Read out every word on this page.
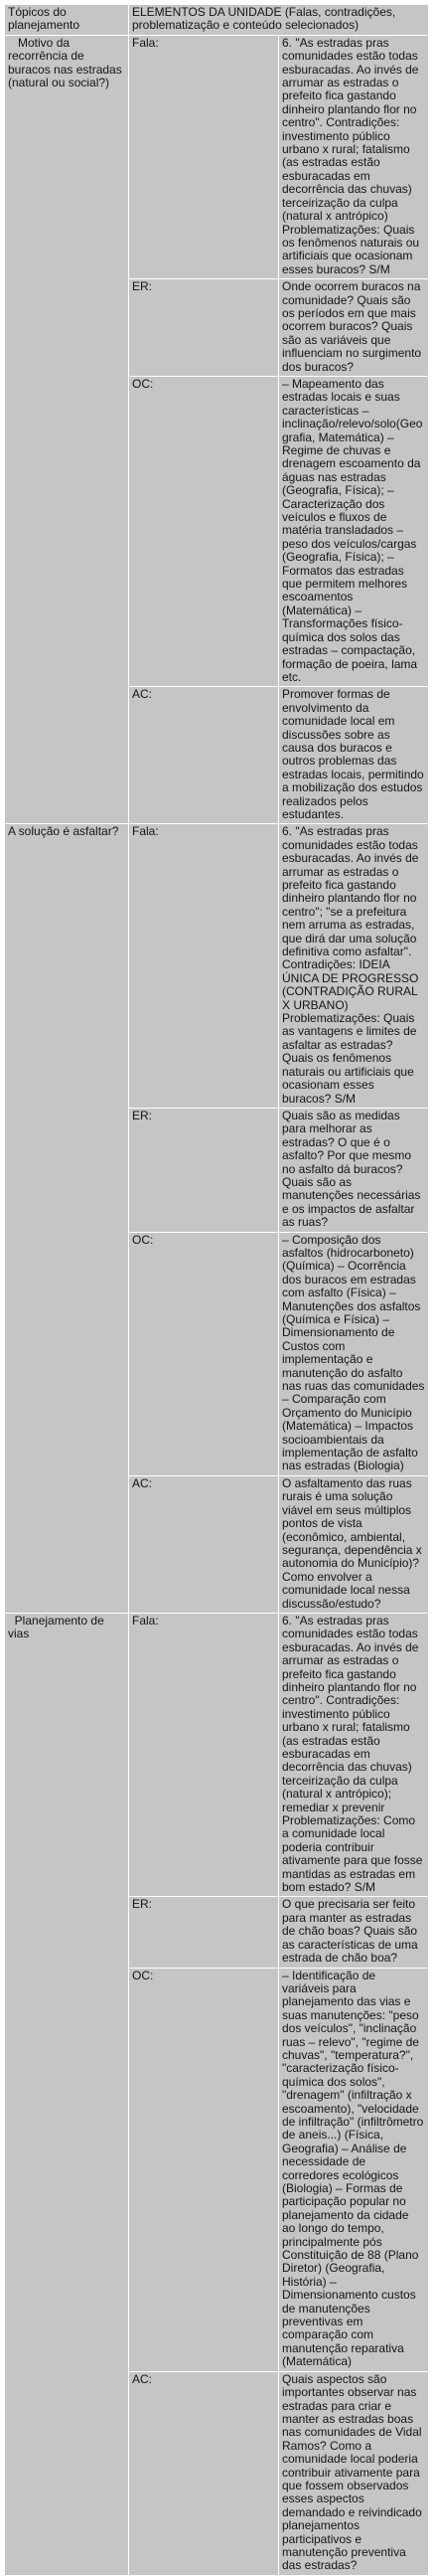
Tópicos do planejamento	ELEMENTOS DA UNIDADE (Falas, contradições, problematização e conteúdo selecionados)	

Motivo da recorrência de buracos nas estradas  (natural ou social?)	Fala:	6. "As estradas pras comunidades estão todas esburacadas. Ao invés de arrumar as estradas o prefeito fica gastando dinheiro plantando flor no centro". Contradições: investimento público urbano x rural; fatalismo (as estradas estão esburacadas em decorrência das chuvas) terceirização da culpa (natural x antrópico) Problematizações: Quais os fenômenos naturais ou artificiais que ocasionam esses buracos? S/M
	ER:	Onde ocorrem buracos na comunidade? Quais são os períodos em que mais ocorrem buracos? Quais são as variáveis que influenciam no surgimento dos buracos?
	OC:	– Mapeamento das estradas locais e suas características – inclinação/relevo/solo(Geografia, Matemática) – Regime de chuvas e drenagem escoamento da águas nas estradas (Geografia, Física); – Caracterização dos veículos e fluxos de matéria transladados – peso dos veículos/cargas (Geografia, Física); – Formatos das estradas que permitem melhores escoamentos (Matemática) – Transformações físico-química dos solos das estradas – compactação, formação de poeira, lama etc.
	AC:	Promover formas de envolvimento da comunidade local em discussões sobre as causa dos buracos e outros problemas das estradas locais, permitindo a mobilização dos estudos realizados pelos estudantes.

A solução é asfaltar?	Fala:	6. "As estradas pras comunidades estão todas esburacadas. Ao invés de arrumar as estradas o prefeito fica gastando dinheiro plantando flor no centro"; "se a prefeitura nem arruma as estradas, que dirá dar uma solução definitiva como asfaltar". Contradições: IDEIA ÚNICA DE PROGRESSO (CONTRADIÇÃO RURAL X URBANO) Problematizações: Quais as vantagens e limites de asfaltar as estradas? Quais os fenômenos naturais ou artificiais que ocasionam esses buracos? S/M
	ER:	Quais são as medidas para melhorar as estradas? O que é o asfalto? Por que mesmo no asfalto dá buracos? Quais são as manutenções necessárias e os impactos de asfaltar as ruas?
	OC:	– Composição dos asfaltos (hidrocarboneto) (Química) – Ocorrência dos buracos em estradas com asfalto (Física) – Manutenções dos asfaltos (Química e Física) – Dimensionamento de Custos com implementação e manutenção do asfalto nas ruas das comunidades – Comparação com Orçamento do Município (Matemática) – Impactos socioambientais da implementação de asfalto nas estradas (Biologia)
	AC:	O asfaltamento das ruas rurais é uma solução viável em seus múltiplos pontos de vista (econômico, ambiental, segurança, dependência x autonomia do Município)? Como envolver a comunidade local nessa discussão/estudo?

Planejamento de vias	Fala:	6. "As estradas pras comunidades estão todas esburacadas. Ao invés de arrumar as estradas o prefeito fica gastando dinheiro plantando flor no centro". Contradições: investimento público urbano x rural; fatalismo (as estradas estão esburacadas em decorrência das chuvas) terceirização da culpa (natural x antrópico); remediar x prevenir Problematizações: Como a comunidade local poderia contribuir ativamente para que fosse mantidas as estradas em bom estado? S/M
	ER:	O que precisaria ser feito para manter as estradas de chão boas? Quais são as características de uma estrada de chão boa?
	OC:	– Identificação de variáveis para planejamento das vias e suas manutenções: "peso dos veículos", "inclinação ruas – relevo", "regime de chuvas", "temperatura?", "caracterização físico-química dos solos", "drenagem" (infiltração x escoamento), "velocidade de infiltração" (infiltrômetro de aneis...) (Física, Geografia) – Análise de necessidade de corredores ecológicos (Biologia) – Formas de participação popular no planejamento da cidade ao longo do tempo, principalmente pós Constituição de 88 (Plano Diretor) (Geografia, História) – Dimensionamento custos de manutenções preventivas em comparação com manutenção reparativa (Matemática)
	AC:	Quais aspectos são importantes observar nas estradas para criar e manter as estradas boas nas comunidades de Vidal Ramos? Como a comunidade local poderia contribuir ativamente para que fossem observados esses aspectos demandado e reivindicado planejamentos participativos e manutenção preventiva das estradas?
